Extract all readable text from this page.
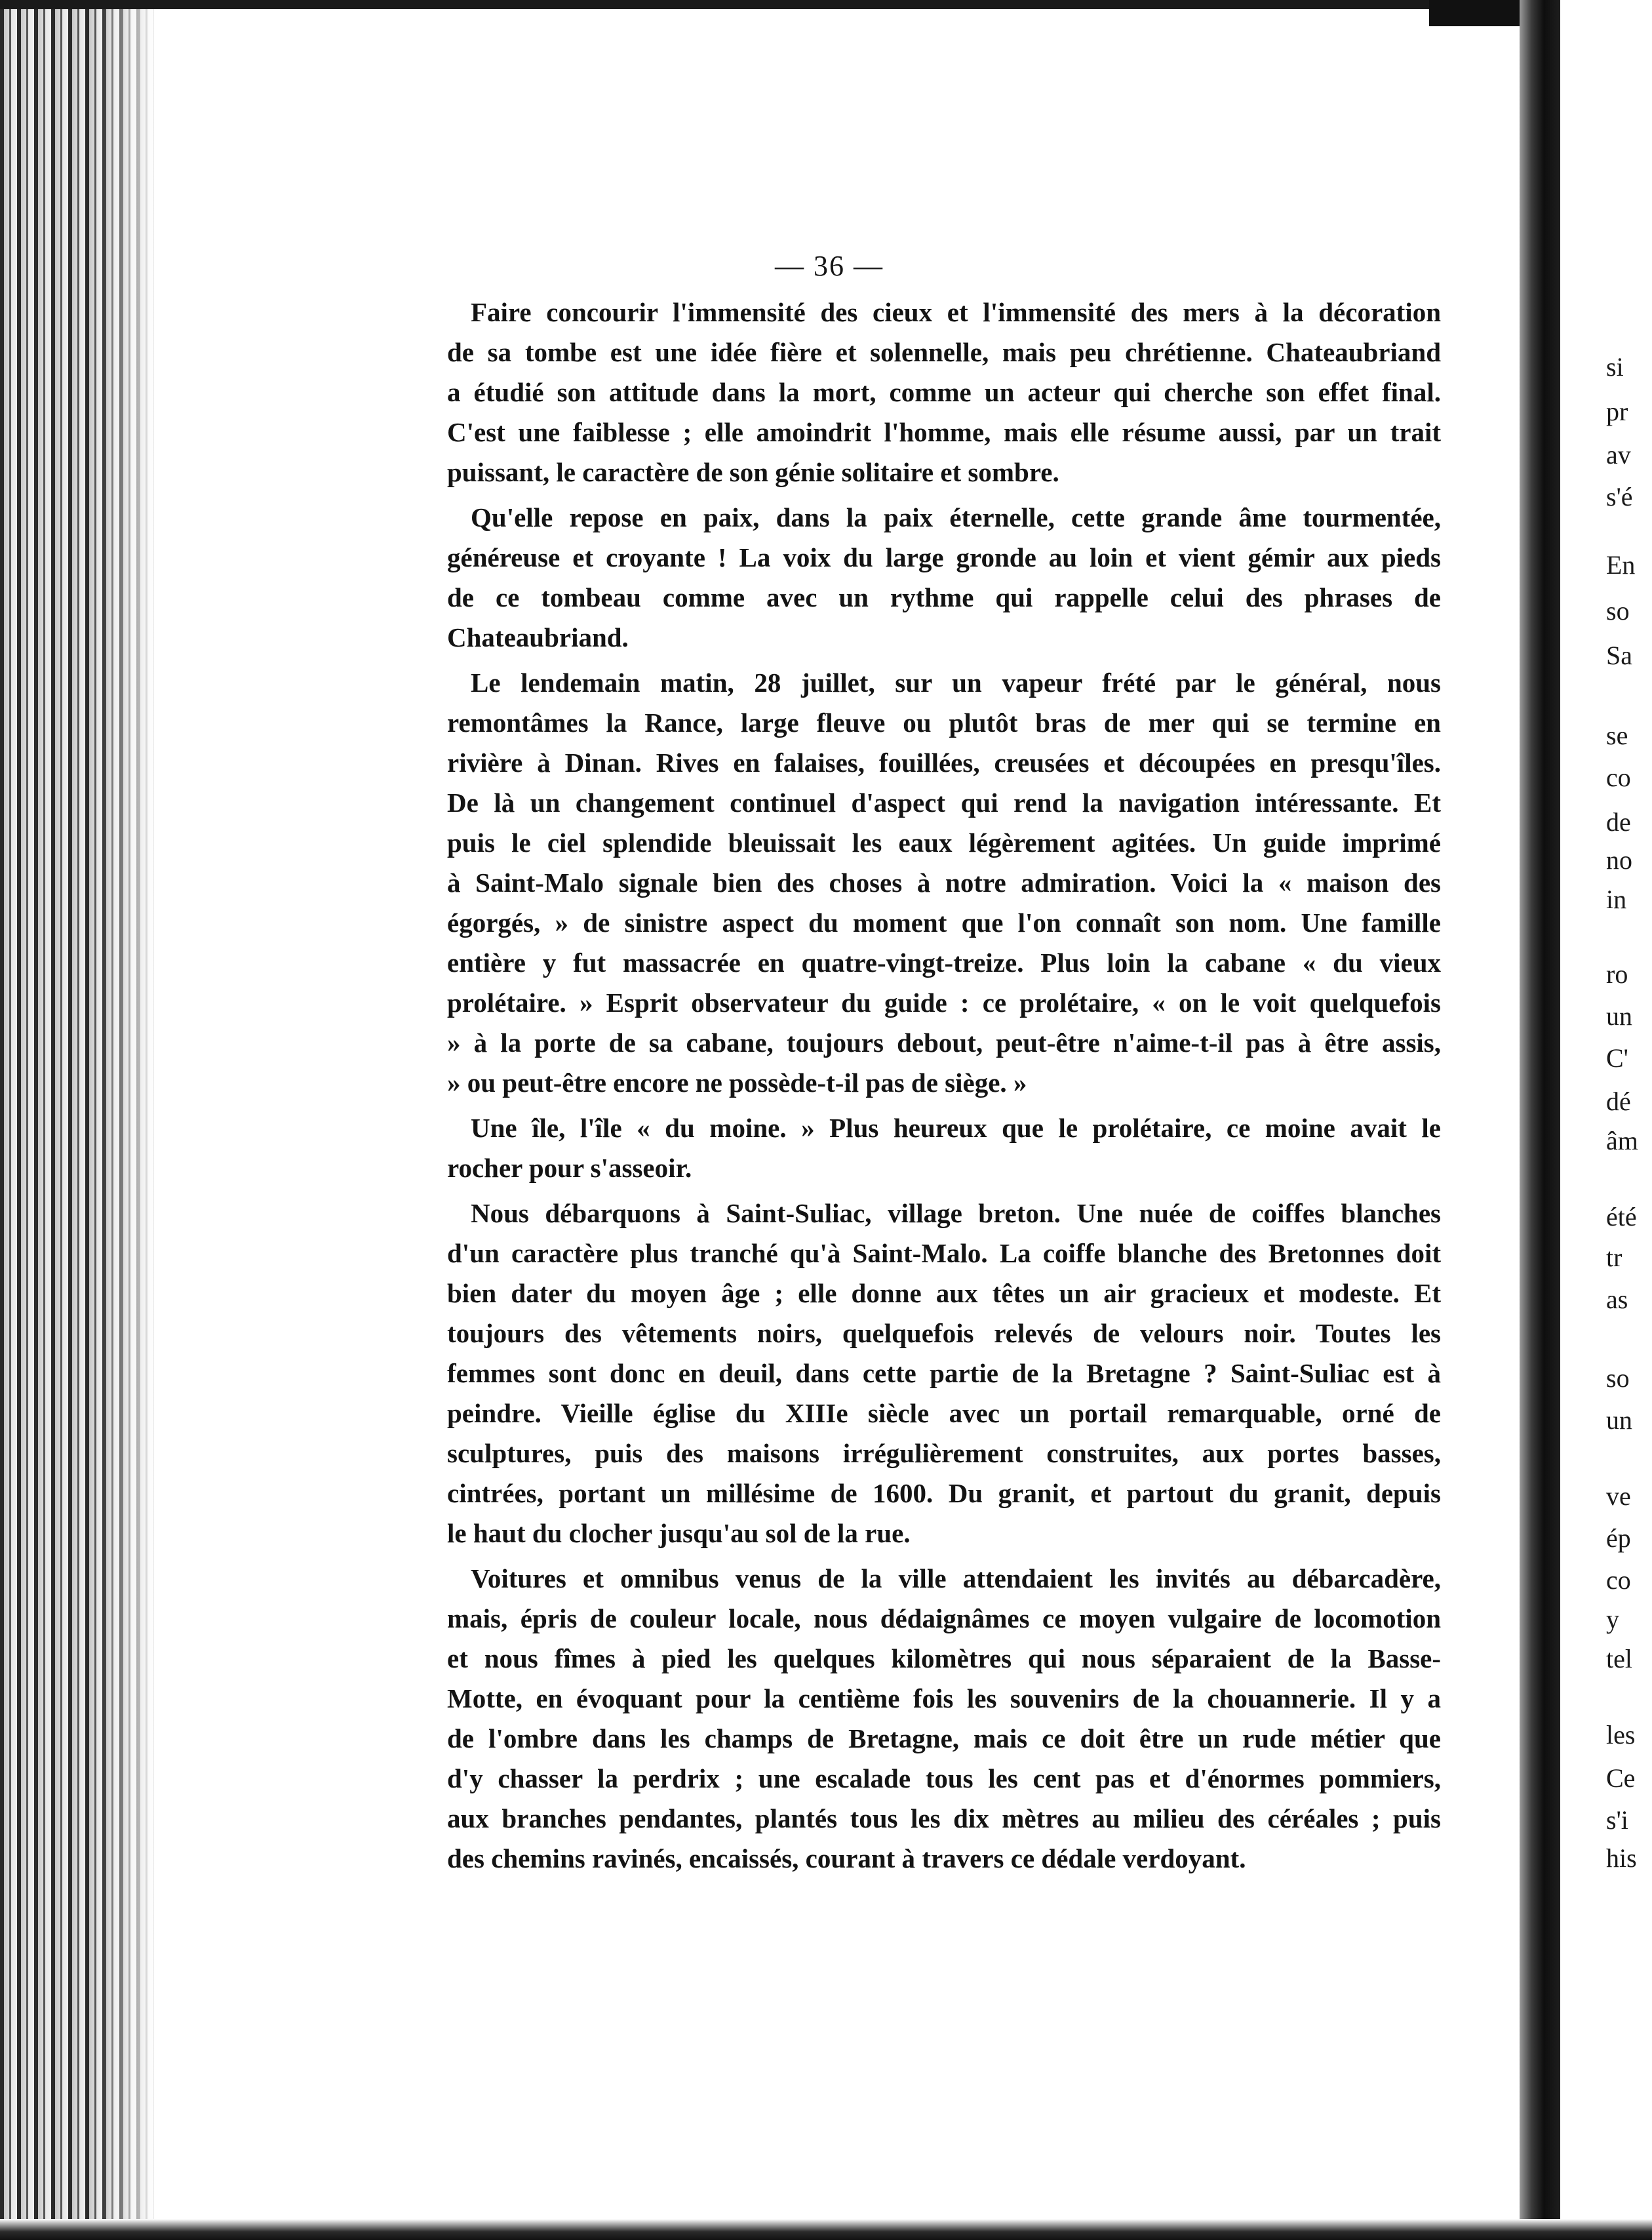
si
pr
av
s'é
En
so
Sa
se
co
de
no
in
ro
un
C'
dé
âm
été
tr
as
so
un
ve
ép
co
y
tel
les
Ce
s'i
his
— 36 —

Faire concourir l'immensité des cieux et l'immensité des mers à la décoration
de sa tombe est une idée fière et solennelle, mais peu chrétienne. Chateaubriand
a étudié son attitude dans la mort, comme un acteur qui cherche son effet final.
C'est une faiblesse ; elle amoindrit l'homme, mais elle résume aussi, par un trait
puissant, le caractère de son génie solitaire et sombre.

Qu'elle repose en paix, dans la paix éternelle, cette grande âme tourmentée,
généreuse et croyante ! La voix du large gronde au loin et vient gémir aux pieds
de ce tombeau comme avec un rythme qui rappelle celui des phrases de
Chateaubriand.

Le lendemain matin, 28 juillet, sur un vapeur frété par le général, nous
remontâmes la Rance, large fleuve ou plutôt bras de mer qui se termine en
rivière à Dinan. Rives en falaises, fouillées, creusées et découpées en presqu'îles.
De là un changement continuel d'aspect qui rend la navigation intéressante. Et
puis le ciel splendide bleuissait les eaux légèrement agitées. Un guide imprimé
à Saint-Malo signale bien des choses à notre admiration. Voici la « maison des
égorgés, » de sinistre aspect du moment que l'on connaît son nom. Une famille
entière y fut massacrée en quatre-vingt-treize. Plus loin la cabane « du vieux
prolétaire. » Esprit observateur du guide : ce prolétaire, « on le voit quelquefois
» à la porte de sa cabane, toujours debout, peut-être n'aime-t-il pas à être assis,
» ou peut-être encore ne possède-t-il pas de siège. »

Une île, l'île « du moine. » Plus heureux que le prolétaire, ce moine avait le
rocher pour s'asseoir.

Nous débarquons à Saint-Suliac, village breton. Une nuée de coiffes blanches
d'un caractère plus tranché qu'à Saint-Malo. La coiffe blanche des Bretonnes doit
bien dater du moyen âge ; elle donne aux têtes un air gracieux et modeste. Et
toujours des vêtements noirs, quelquefois relevés de velours noir. Toutes les
femmes sont donc en deuil, dans cette partie de la Bretagne ? Saint-Suliac est à
peindre. Vieille église du XIIIe siècle avec un portail remarquable, orné de
sculptures, puis des maisons irrégulièrement construites, aux portes basses,
cintrées, portant un millésime de 1600. Du granit, et partout du granit, depuis
le haut du clocher jusqu'au sol de la rue.

Voitures et omnibus venus de la ville attendaient les invités au débarcadère,
mais, épris de couleur locale, nous dédaignâmes ce moyen vulgaire de locomotion
et nous fîmes à pied les quelques kilomètres qui nous séparaient de la Basse-
Motte, en évoquant pour la centième fois les souvenirs de la chouannerie. Il y a
de l'ombre dans les champs de Bretagne, mais ce doit être un rude métier que
d'y chasser la perdrix ; une escalade tous les cent pas et d'énormes pommiers,
aux branches pendantes, plantés tous les dix mètres au milieu des céréales ; puis
des chemins ravinés, encaissés, courant à travers ce dédale verdoyant.
